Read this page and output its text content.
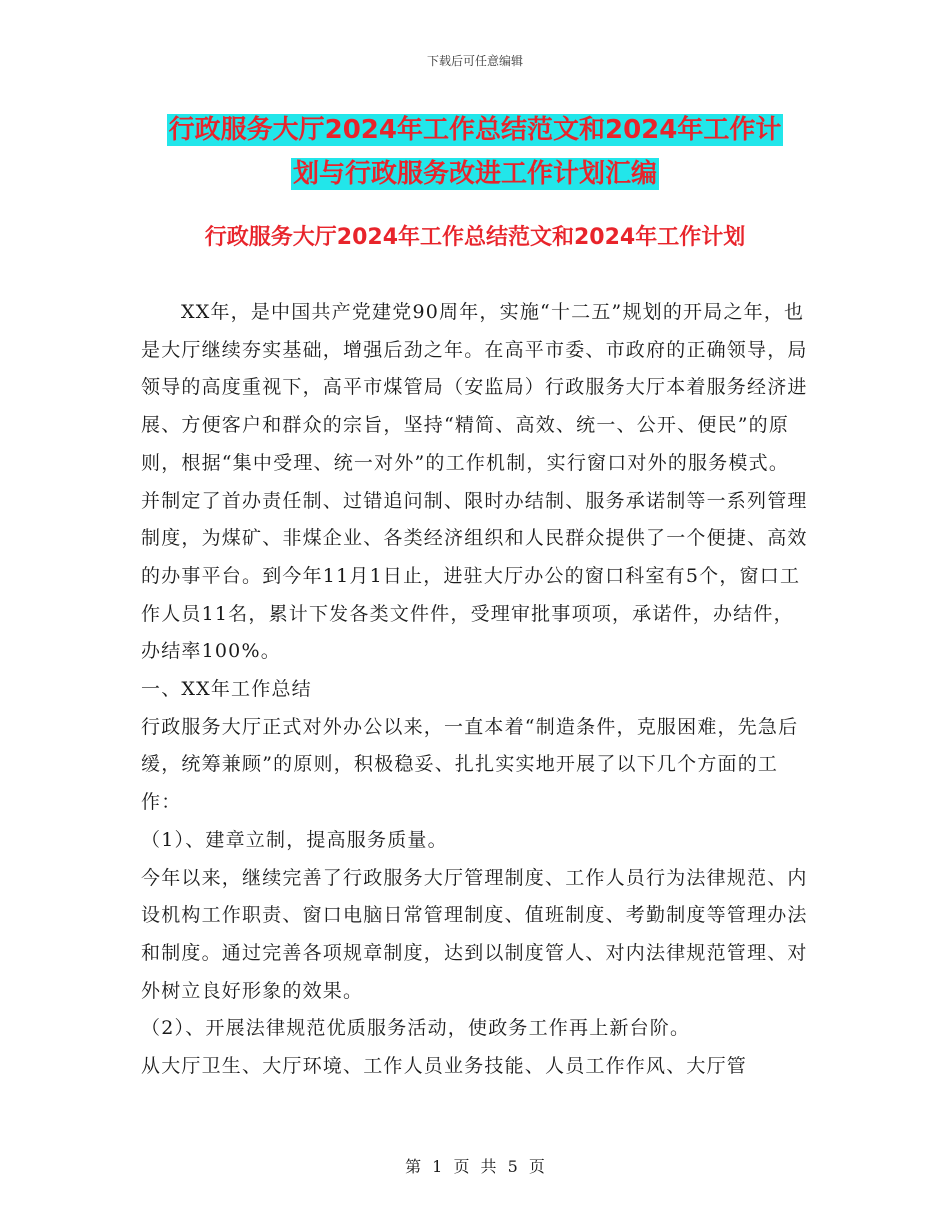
下载后可任意编辑
行政服务大厅2024年工作总结范文和2024年工作计
划与行政服务改进工作计划汇编
行政服务大厅2024年工作总结范文和2024年工作计划

XX年，是中国共产党建党90周年，实施“十二五”规划的开局之年，也是大厅继续夯实基础，增强后劲之年。在高平市委、市政府的正确领导，局领导的高度重视下，高平市煤管局（安监局）行政服务大厅本着服务经济进展、方便客户和群众的宗旨，坚持“精简、高效、统一、公开、便民”的原则，根据“集中受理、统一对外”的工作机制，实行窗口对外的服务模式。并制定了首办责任制、过错追问制、限时办结制、服务承诺制等一系列管理制度，为煤矿、非煤企业、各类经济组织和人民群众提供了一个便捷、高效的办事平台。到今年11月1日止，进驻大厅办公的窗口科室有5个，窗口工作人员11名，累计下发各类文件件，受理审批事项项，承诺件，办结件，办结率100%。

一、XX年工作总结

行政服务大厅正式对外办公以来，一直本着“制造条件，克服困难，先急后缓，统筹兼顾”的原则，积极稳妥、扎扎实实地开展了以下几个方面的工作：

（1）、建章立制，提高服务质量。

今年以来，继续完善了行政服务大厅管理制度、工作人员行为法律规范、内设机构工作职责、窗口电脑日常管理制度、值班制度、考勤制度等管理办法和制度。通过完善各项规章制度，达到以制度管人、对内法律规范管理、对外树立良好形象的效果。

（2）、开展法律规范优质服务活动，使政务工作再上新台阶。

从大厅卫生、大厅环境、工作人员业务技能、人员工作作风、大厅管

第 1 页 共 5 页
